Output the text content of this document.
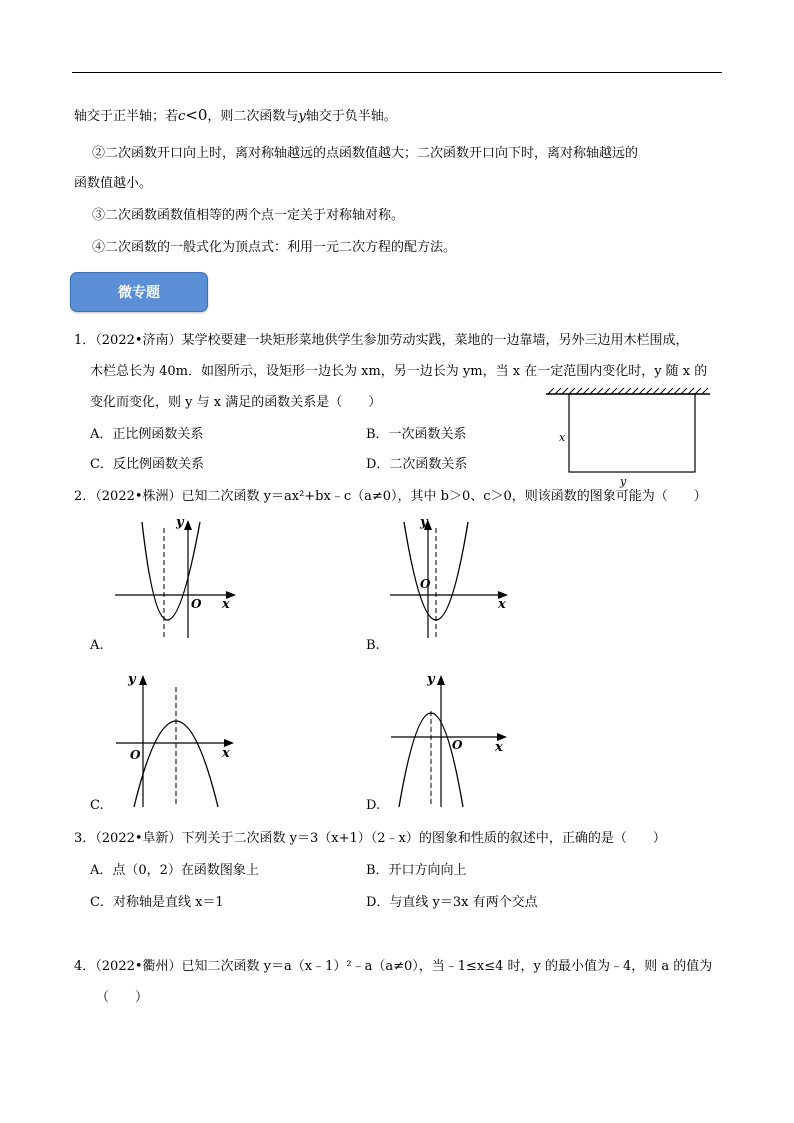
轴交于正半轴；若c<0，则二次函数与y轴交于负半轴。
②二次函数开口向上时，离对称轴越远的点函数值越大；二次函数开口向下时，离对称轴越远的
函数值越小。
③二次函数函数值相等的两个点一定关于对称轴对称。
④二次函数的一般式化为顶点式：利用一元二次方程的配方法。
微专题
1．（2022•济南）某学校要建一块矩形菜地供学生参加劳动实践，菜地的一边靠墙，另外三边用木栏围成，
木栏总长为 40m．如图所示，设矩形一边长为 xm，另一边长为 ym，当 x 在一定范围内变化时，y 随 x 的
变化而变化，则 y 与 x 满足的函数关系是（　　）
A．正比例函数关系	B．一次函数关系
C．反比例函数关系	D．二次函数关系
x
y
2．（2022•株洲）已知二次函数 y＝ax²+bx﹣c（a≠0），其中 b＞0、c＞0，则该函数的图象可能为（　　）
y
x
O
A.
y
x
O
B.
y
x
O
C.
y
x
O
D.
3．（2022•阜新）下列关于二次函数 y＝3（x+1）（2﹣x）的图象和性质的叙述中，正确的是（　　）
A．点（0，2）在函数图象上	B．开口方向向上
C．对称轴是直线 x＝1	D．与直线 y＝3x 有两个交点
4．（2022•衢州）已知二次函数 y＝a（x﹣1）²﹣a（a≠0），当﹣1≤x≤4 时，y 的最小值为﹣4，则 a 的值为
（　　）
